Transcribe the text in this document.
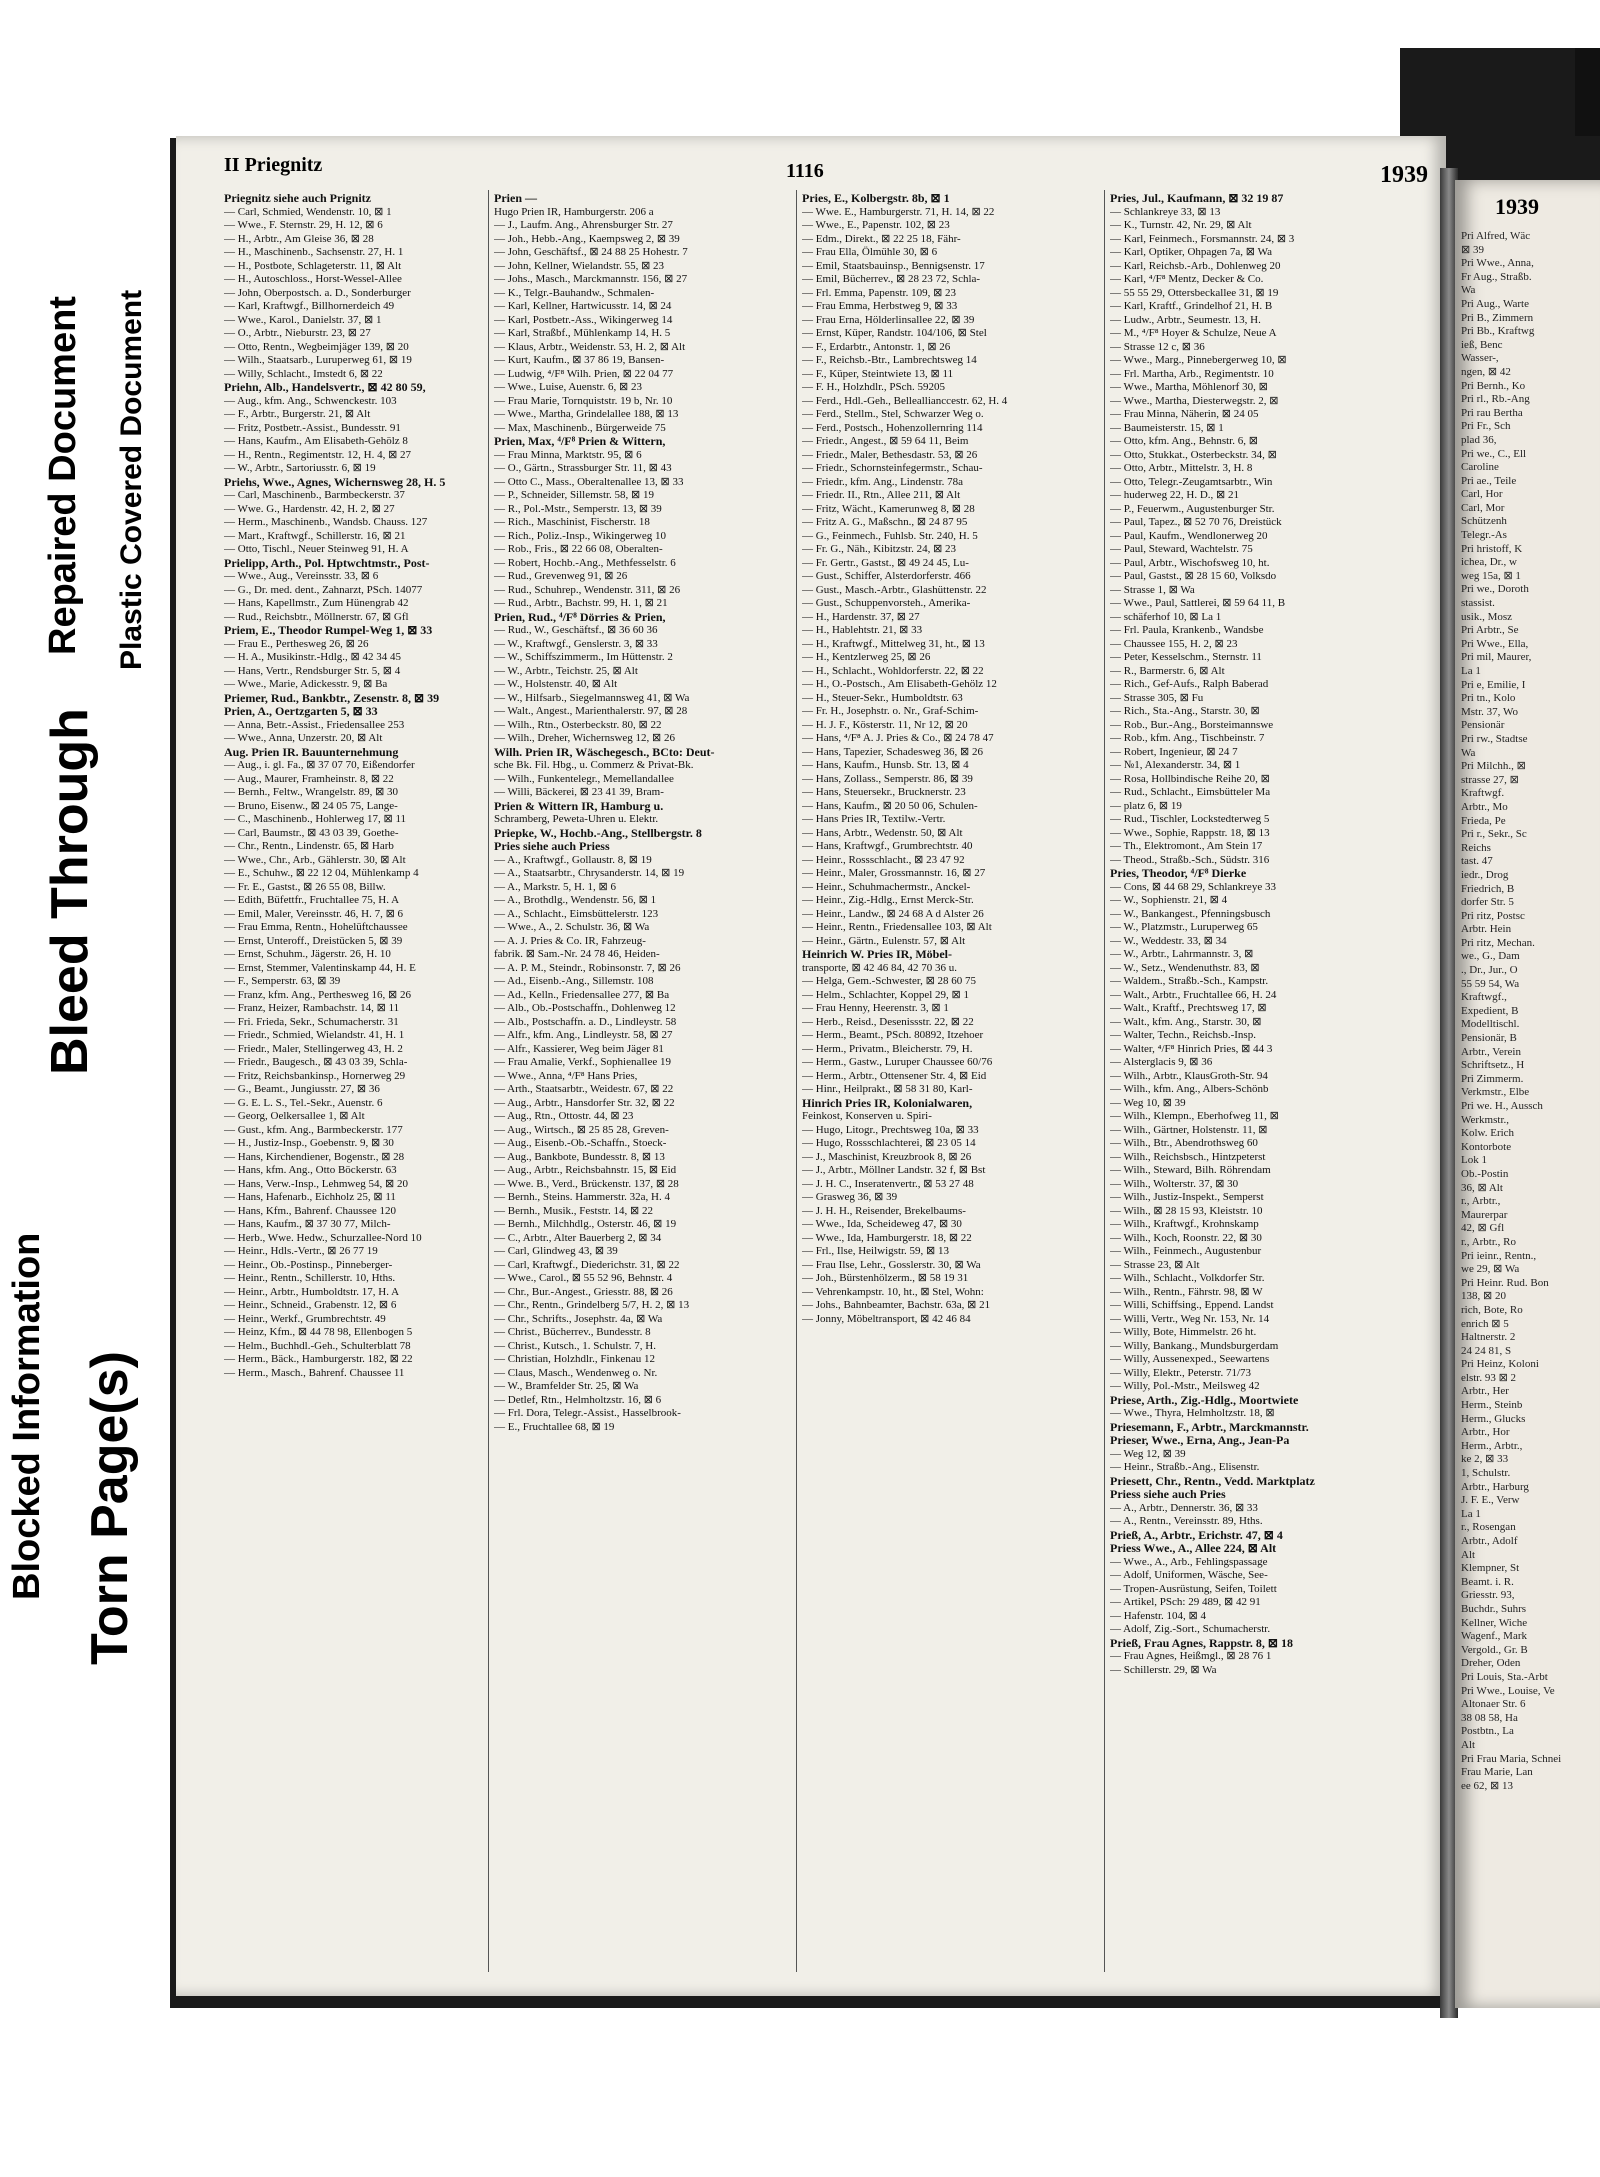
Blocked Information
Bleed Through
Repaired Document
Torn Page(s)
Plastic Covered Document
II Priegnitz	1116	1939
Priegnitz siehe auch Prignitz
— Carl, Schmied, Wendenstr. 10, ⊠ 1
— Wwe., F. Sternstr. 29, H. 12, ⊠ 6
— H., Arbtr., Am Gleise 36, ⊠ 28
— H., Maschinenb., Sachsenstr. 27, H. 1
— H., Postbote, Schlageterstr. 11, ⊠ Alt
— H., Autoschloss., Horst-Wessel-Allee
— John, Oberpostsch. a. D., Sonderburger
— Karl, Kraftwgf., Billhornerdeich 49
— Wwe., Karol., Danielstr. 37, ⊠ 1
— O., Arbtr., Nieburstr. 23, ⊠ 27
— Otto, Rentn., Wegbeimjäger 139, ⊠ 20
— Wilh., Staatsarb., Luruperweg 61, ⊠ 19
— Willy, Schlacht., Imstedt 6, ⊠ 22
Priehn, Alb., Handelsvertr., ⊠ 42 80 59,
— Aug., kfm. Ang., Schwenckestr. 103
— F., Arbtr., Burgerstr. 21, ⊠ Alt
— Fritz, Postbetr.-Assist., Bundesstr. 91
— Hans, Kaufm., Am Elisabeth-Gehölz 8
— H., Rentn., Regimentstr. 12, H. 4, ⊠ 27
— W., Arbtr., Sartoriusstr. 6, ⊠ 19
Priehs, Wwe., Agnes, Wichernsweg 28, H. 5
— Carl, Maschinenb., Barmbeckerstr. 37
— Wwe. G., Hardenstr. 42, H. 2, ⊠ 27
— Herm., Maschinenb., Wandsb. Chauss. 127
— Mart., Kraftwgf., Schillerstr. 16, ⊠ 21
— Otto, Tischl., Neuer Steinweg 91, H. A
Prielipp, Arth., Pol. Hptwchtmstr., Post-
— Wwe., Aug., Vereinsstr. 33, ⊠ 6
— G., Dr. med. dent., Zahnarzt, PSch. 14077
— Hans, Kapellmstr., Zum Hünengrab 42
— Rud., Reichsbtr., Möllnerstr. 67, ⊠ Gfl
Priem, E., Theodor Rumpel-Weg 1, ⊠ 33
— Frau E., Perthesweg 26, ⊠ 26
— H. A., Musikinstr.-Hdlg., ⊠ 42 34 45
— Hans, Vertr., Rendsburger Str. 5, ⊠ 4
— Wwe., Marie, Adickesstr. 9, ⊠ Ba
Priemer, Rud., Bankbtr., Zesenstr. 8, ⊠ 39
Prien, A., Oertzgarten 5, ⊠ 33
— Anna, Betr.-Assist., Friedensallee 253
— Wwe., Anna, Unzerstr. 20, ⊠ Alt
Aug. Prien IR. Bauunternehmung
— Aug., i. gl. Fa., ⊠ 37 07 70, Eißendorfer
— Aug., Maurer, Framheinstr. 8, ⊠ 22
— Bernh., Feltw., Wrangelstr. 89, ⊠ 30
— Bruno, Eisenw., ⊠ 24 05 75, Lange-
— C., Maschinenb., Hohlerweg 17, ⊠ 11
— Carl, Baumstr., ⊠ 43 03 39, Goethe-
— Chr., Rentn., Lindenstr. 65, ⊠ Harb
— Wwe., Chr., Arb., Gählerstr. 30, ⊠ Alt
— E., Schuhw., ⊠ 22 12 04, Mühlenkamp 4
— Fr. E., Gastst., ⊠ 26 55 08, Billw.
— Edith, Büfettfr., Fruchtallee 75, H. A
— Emil, Maler, Vereinsstr. 46, H. 7, ⊠ 6
— Frau Emma, Rentn., Hohelüftchaussee
— Ernst, Unteroff., Dreistücken 5, ⊠ 39
— Ernst, Schuhm., Jägerstr. 26, H. 10
— Ernst, Stemmer, Valentinskamp 44, H. E
— F., Semperstr. 63, ⊠ 39
— Franz, kfm. Ang., Perthesweg 16, ⊠ 26
— Franz, Heizer, Rambachstr. 14, ⊠ 11
— Fri. Frieda, Sekr., Schumacherstr. 31
— Friedr., Schmied, Wielandstr. 41, H. 1
— Friedr., Maler, Stellingerweg 43, H. 2
— Friedr., Baugesch., ⊠ 43 03 39, Schla-
— Fritz, Reichsbankinsp., Hornerweg 29
— G., Beamt., Jungiusstr. 27, ⊠ 36
— G. E. L. S., Tel.-Sekr., Auenstr. 6
— Georg, Oelkersallee 1, ⊠ Alt
— Gust., kfm. Ang., Barmbeckerstr. 177
— H., Justiz-Insp., Goebenstr. 9, ⊠ 30
— Hans, Kirchendiener, Bogenstr., ⊠ 28
— Hans, kfm. Ang., Otto Böckerstr. 63
— Hans, Verw.-Insp., Lehmweg 54, ⊠ 20
— Hans, Hafenarb., Eichholz 25, ⊠ 11
— Hans, Kfm., Bahrenf. Chaussee 120
— Hans, Kaufm., ⊠ 37 30 77, Milch-
— Herb., Wwe. Hedw., Schurzallee-Nord 10
— Heinr., Hdls.-Vertr., ⊠ 26 77 19
— Heinr., Ob.-Postinsp., Pinneberger-
— Heinr., Rentn., Schillerstr. 10, Hths.
— Heinr., Arbtr., Humboldtstr. 17, H. A
— Heinr., Schneid., Grabenstr. 12, ⊠ 6
— Heinr., Werkf., Grumbrechtstr. 49
— Heinz, Kfm., ⊠ 44 78 98, Ellenbogen 5
— Helm., Buchhdl.-Geh., Schulterblatt 78
— Herm., Bäck., Hamburgerstr. 182, ⊠ 22
— Herm., Masch., Bahrenf. Chaussee 11
Prien —
Hugo Prien IR, Hamburgerstr. 206 a
— J., Laufm. Ang., Ahrensburger Str. 27
— Joh., Hebb.-Ang., Kaempsweg 2, ⊠ 39
— John, Geschäftsf., ⊠ 24 88 25 Hohestr. 7
— John, Kellner, Wielandstr. 55, ⊠ 23
— Johs., Masch., Marckmannstr. 156, ⊠ 27
— K., Telgr.-Bauhandw., Schmalen-
— Karl, Kellner, Hartwicusstr. 14, ⊠ 24
— Karl, Postbetr.-Ass., Wikingerweg 14
— Karl, Straßbf., Mühlenkamp 14, H. 5
— Klaus, Arbtr., Weidenstr. 53, H. 2, ⊠ Alt
— Kurt, Kaufm., ⊠ 37 86 19, Bansen-
— Ludwig, ⁴/F⁸ Wilh. Prien, ⊠ 22 04 77
— Wwe., Luise, Auenstr. 6, ⊠ 23
— Frau Marie, Tornquiststr. 19 b, Nr. 10
— Wwe., Martha, Grindelallee 188, ⊠ 13
— Max, Maschinenb., Bürgerweide 75
Prien, Max, ⁴/F⁸ Prien & Wittern,
— Frau Minna, Marktstr. 95, ⊠ 6
— O., Gärtn., Strassburger Str. 11, ⊠ 43
— Otto C., Mass., Oberaltenallee 13, ⊠ 33
— P., Schneider, Sillemstr. 58, ⊠ 19
— R., Pol.-Mstr., Semperstr. 13, ⊠ 39
— Rich., Maschinist, Fischerstr. 18
— Rich., Poliz.-Insp., Wikingerweg 10
— Rob., Fris., ⊠ 22 66 08, Oberalten-
— Robert, Hochb.-Ang., Methfesselstr. 6
— Rud., Grevenweg 91, ⊠ 26
— Rud., Schuhrep., Wendenstr. 311, ⊠ 26
— Rud., Arbtr., Bachstr. 99, H. 1, ⊠ 21
Prien, Rud., ⁴/F⁸ Dörries & Prien,
— Rud., W., Geschäftsf., ⊠ 36 60 36
— W., Kraftwgf., Genslerstr. 3, ⊠ 33
— W., Schiffszimmerm., Im Hüttenstr. 2
— W., Arbtr., Teichstr. 25, ⊠ Alt
— W., Holstenstr. 40, ⊠ Alt
— W., Hilfsarb., Siegelmannsweg 41, ⊠ Wa
— Walt., Angest., Marienthalerstr. 97, ⊠ 28
— Wilh., Rtn., Osterbeckstr. 80, ⊠ 22
— Wilh., Dreher, Wichernsweg 12, ⊠ 26
Wilh. Prien IR, Wäschegesch., BCto: Deut-
sche Bk. Fil. Hbg., u. Commerz & Privat-Bk.
— Wilh., Funkentelegr., Memellandallee
— Willi, Bäckerei, ⊠ 23 41 39, Bram-
Prien & Wittern IR, Hamburg u.
Schramberg, Peweta-Uhren u. Elektr.
Priepke, W., Hochb.-Ang., Stellbergstr. 8
Pries siehe auch Priess
— A., Kraftwgf., Gollaustr. 8, ⊠ 19
— A., Staatsarbtr., Chrysanderstr. 14, ⊠ 19
— A., Markstr. 5, H. 1, ⊠ 6
— A., Brothdlg., Wendenstr. 56, ⊠ 1
— A., Schlacht., Eimsbüttelerstr. 123
— Wwe., A., 2. Schulstr. 36, ⊠ Wa
— A. J. Pries & Co. IR, Fahrzeug-
fabrik. ⊠ Sam.-Nr. 24 78 46, Heiden-
— A. P. M., Steindr., Robinsonstr. 7, ⊠ 26
— Ad., Eisenb.-Ang., Sillemstr. 108
— Ad., Kelln., Friedensallee 277, ⊠ Ba
— Alb., Ob.-Postschaffn., Dohlenweg 12
— Alb., Postschaffn. a. D., Lindleystr. 58
— Alfr., kfm. Ang., Lindleystr. 58, ⊠ 27
— Alfr., Kassierer, Weg beim Jäger 81
— Frau Amalie, Verkf., Sophienallee 19
— Wwe., Anna, ⁴/F⁸ Hans Pries,
— Arth., Staatsarbtr., Weidestr. 67, ⊠ 22
— Aug., Arbtr., Hansdorfer Str. 32, ⊠ 22
— Aug., Rtn., Ottostr. 44, ⊠ 23
— Aug., Wirtsch., ⊠ 25 85 28, Greven-
— Aug., Eisenb.-Ob.-Schaffn., Stoeck-
— Aug., Bankbote, Bundesstr. 8, ⊠ 13
— Aug., Arbtr., Reichsbahnstr. 15, ⊠ Eid
— Wwe. B., Verd., Brückenstr. 137, ⊠ 28
— Bernh., Steins. Hammerstr. 32a, H. 4
— Bernh., Musik., Feststr. 14, ⊠ 22
— Bernh., Milchhdlg., Osterstr. 46, ⊠ 19
— C., Arbtr., Alter Bauerberg 2, ⊠ 34
— Carl, Glindweg 43, ⊠ 39
— Carl, Kraftwgf., Diederichstr. 31, ⊠ 22
— Wwe., Carol., ⊠ 55 52 96, Behnstr. 4
— Chr., Bur.-Angest., Griesstr. 88, ⊠ 26
— Chr., Rentn., Grindelberg 5/7, H. 2, ⊠ 13
— Chr., Schrifts., Josephstr. 4a, ⊠ Wa
— Christ., Bücherrev., Bundesstr. 8
— Christ., Kutsch., 1. Schulstr. 7, H.
— Christian, Holzhdlr., Finkenau 12
— Claus, Masch., Wendenweg o. Nr.
— W., Bramfelder Str. 25, ⊠ Wa
— Detlef, Rtn., Helmholtzstr. 16, ⊠ 6
— Frl. Dora, Telegr.-Assist., Hasselbrook-
— E., Fruchtallee 68, ⊠ 19
Pries, E., Kolbergstr. 8b, ⊠ 1
— Wwe. E., Hamburgerstr. 71, H. 14, ⊠ 22
— Wwe., E., Papenstr. 102, ⊠ 23
— Edm., Direkt., ⊠ 22 25 18, Fähr-
— Frau Ella, Ölmühle 30, ⊠ 6
— Emil, Staatsbauinsp., Bennigsenstr. 17
— Emil, Bücherrev., ⊠ 28 23 72, Schla-
— Frl. Emma, Papenstr. 109, ⊠ 23
— Frau Emma, Herbstweg 9, ⊠ 33
— Frau Erna, Hölderlinsallee 22, ⊠ 39
— Ernst, Küper, Randstr. 104/106, ⊠ Stel
— F., Erdarbtr., Antonstr. 1, ⊠ 26
— F., Reichsb.-Btr., Lambrechtsweg 14
— F., Küper, Steintwiete 13, ⊠ 11
— F. H., Holzhdlr., PSch. 59205
— Ferd., Hdl.-Geh., Belleallianccestr. 62, H. 4
— Ferd., Stellm., Stel, Schwarzer Weg o.
— Ferd., Postsch., Hohenzollernring 114
— Friedr., Angest., ⊠ 59 64 11, Beim
— Friedr., Maler, Bethesdastr. 53, ⊠ 26
— Friedr., Schornsteinfegermstr., Schau-
— Friedr., kfm. Ang., Lindenstr. 78a
— Friedr. II., Rtn., Allee 211, ⊠ Alt
— Fritz, Wächt., Kamerunweg 8, ⊠ 28
— Fritz A. G., Maßschn., ⊠ 24 87 95
— G., Feinmech., Fuhlsb. Str. 240, H. 5
— Fr. G., Näh., Kibitzstr. 24, ⊠ 23
— Fr. Gertr., Gastst., ⊠ 49 24 45, Lu-
— Gust., Schiffer, Alsterdorferstr. 466
— Gust., Masch.-Arbtr., Glashüttenstr. 22
— Gust., Schuppenvorsteh., Amerika-
— H., Hardenstr. 37, ⊠ 27
— H., Hablehtstr. 21, ⊠ 33
— H., Kraftwgf., Mittelweg 31, ht., ⊠ 13
— H., Kentzlerweg 25, ⊠ 26
— H., Schlacht., Wohldorferstr. 22, ⊠ 22
— H., O.-Postsch., Am Elisabeth-Gehölz 12
— H., Steuer-Sekr., Humboldtstr. 63
— Fr. H., Josephstr. o. Nr., Graf-Schim-
— H. J. F., Kösterstr. 11, Nr 12, ⊠ 20
— Hans, ⁴/F⁸ A. J. Pries & Co., ⊠ 24 78 47
— Hans, Tapezier, Schadesweg 36, ⊠ 26
— Hans, Kaufm., Hunsb. Str. 13, ⊠ 4
— Hans, Zollass., Semperstr. 86, ⊠ 39
— Hans, Steuersekr., Brucknerstr. 23
— Hans, Kaufm., ⊠ 20 50 06, Schulen-
— Hans Pries IR, Textilw.-Vertr.
— Hans, Arbtr., Wedenstr. 50, ⊠ Alt
— Hans, Kraftwgf., Grumbrechtstr. 40
— Heinr., Rossschlacht., ⊠ 23 47 92
— Heinr., Maler, Grossmannstr. 16, ⊠ 27
— Heinr., Schuhmachermstr., Anckel-
— Heinr., Zig.-Hdlg., Ernst Merck-Str.
— Heinr., Landw., ⊠ 24 68 A d Alster 26
— Heinr., Rentn., Friedensallee 103, ⊠ Alt
— Heinr., Gärtn., Eulenstr. 57, ⊠ Alt
Heinrich W. Pries IR, Möbel-
transporte, ⊠ 42 46 84, 42 70 36 u.
— Helga, Gem.-Schwester, ⊠ 28 60 75
— Helm., Schlachter, Koppel 29, ⊠ 1
— Frau Henny, Heerenstr. 3, ⊠ 1
— Herb., Reisd., Desenissstr. 22, ⊠ 22
— Herm., Beamt., PSch. 80892, Itzehoer
— Herm., Privatm., Bleicherstr. 79, H.
— Herm., Gastw., Luruper Chaussee 60/76
— Herm., Arbtr., Ottensener Str. 4, ⊠ Eid
— Hinr., Heilprakt., ⊠ 58 31 80, Karl-
Hinrich Pries IR, Kolonialwaren,
Feinkost, Konserven u. Spiri-
— Hugo, Litogr., Prechtsweg 10a, ⊠ 33
— Hugo, Rossschlachterei, ⊠ 23 05 14
— J., Maschinist, Kreuzbrook 8, ⊠ 26
— J., Arbtr., Möllner Landstr. 32 f, ⊠ Bst
— J. H. C., Inseratenvertr., ⊠ 53 27 48
— Grasweg 36, ⊠ 39
— J. H. H., Reisender, Brekelbaums-
— Wwe., Ida, Scheideweg 47, ⊠ 30
— Wwe., Ida, Hamburgerstr. 18, ⊠ 22
— Frl., Ilse, Heilwigstr. 59, ⊠ 13
— Frau Ilse, Lehr., Gosslerstr. 30, ⊠ Wa
— Joh., Bürstenhölzerm., ⊠ 58 19 31
— Vehrenkampstr. 10, ht., ⊠ Stel, Wohn:
— Johs., Bahnbeamter, Bachstr. 63a, ⊠ 21
— Jonny, Möbeltransport, ⊠ 42 46 84
Pries, Jul., Kaufmann, ⊠ 32 19 87
— Schlankreye 33, ⊠ 13
— K., Turnstr. 42, Nr. 29, ⊠ Alt
— Karl, Feinmech., Forsmannstr. 24, ⊠ 3
— Karl, Optiker, Ohpagen 7a, ⊠ Wa
— Karl, Reichsb.-Arb., Dohlenweg 20
— Karl, ⁴/F⁸ Mentz, Decker & Co.
— 55 55 29, Ottersbeckallee 31, ⊠ 19
— Karl, Kraftf., Grindelhof 21, H. B
— Ludw., Arbtr., Seumestr. 13, H.
— M., ⁴/F⁸ Hoyer & Schulze, Neue A
— Strasse 12 c, ⊠ 36
— Wwe., Marg., Pinnebergerweg 10, ⊠
— Frl. Martha, Arb., Regimentstr. 10
— Wwe., Martha, Möhlenorf 30, ⊠
— Wwe., Martha, Diesterwegstr. 2, ⊠
— Frau Minna, Näherin, ⊠ 24 05
— Baumeisterstr. 15, ⊠ 1
— Otto, kfm. Ang., Behnstr. 6, ⊠
— Otto, Stukkat., Osterbeckstr. 34, ⊠
— Otto, Arbtr., Mittelstr. 3, H. 8
— Otto, Telegr.-Zeugamtsarbtr., Win
— huderweg 22, H. D., ⊠ 21
— P., Feuerwm., Augustenburger Str.
— Paul, Tapez., ⊠ 52 70 76, Dreistück
— Paul, Kaufm., Wendlonerweg 20
— Paul, Steward, Wachtelstr. 75
— Paul, Arbtr., Wischofsweg 10, ht.
— Paul, Gastst., ⊠ 28 15 60, Volksdo
— Strasse 1, ⊠ Wa
— Wwe., Paul, Sattlerei, ⊠ 59 64 11, B
— schäferhof 10, ⊠ La 1
— Frl. Paula, Krankenb., Wandsbe
— Chaussee 155, H. 2, ⊠ 23
— Peter, Kesselschm., Sternstr. 11
— R., Barmerstr. 6, ⊠ Alt
— Rich., Gef-Aufs., Ralph Baberad
— Strasse 305, ⊠ Fu
— Rich., Sta.-Ang., Starstr. 30, ⊠
— Rob., Bur.-Ang., Borsteimannswe
— Rob., kfm. Ang., Tischbeinstr. 7
— Robert, Ingenieur, ⊠ 24 7
— №1, Alexanderstr. 34, ⊠ 1
— Rosa, Hollbindische Reihe 20, ⊠
— Rud., Schlacht., Eimsbütteler Ma
— platz 6, ⊠ 19
— Rud., Tischler, Lockstedterweg 5
— Wwe., Sophie, Rappstr. 18, ⊠ 13
— Th., Elektromont., Am Stein 17
— Theod., Straßb.-Sch., Südstr. 316
Pries, Theodor, ⁴/F⁸ Dierke
— Cons, ⊠ 44 68 29, Schlankreye 33
— W., Sophienstr. 21, ⊠ 4
— W., Bankangest., Pfenningsbusch
— W., Platzmstr., Luruperweg 65
— W., Weddestr. 33, ⊠ 34
— W., Arbtr., Lahrmannstr. 3, ⊠
— W., Setz., Wendenuthstr. 83, ⊠
— Waldem., Straßb.-Sch., Kampstr.
— Walt., Arbtr., Fruchtallee 66, H. 24
— Walt., Kraftf., Prechtsweg 17, ⊠
— Walt., kfm. Ang., Starstr. 30, ⊠
— Walter, Techn., Reichsb.-Insp.
— Walter, ⁴/F⁸ Hinrich Pries, ⊠ 44 3
— Alsterglacis 9, ⊠ 36
— Wilh., Arbtr., KlausGroth-Str. 94
— Wilh., kfm. Ang., Albers-Schönb
— Weg 10, ⊠ 39
— Wilh., Klempn., Eberhofweg 11, ⊠
— Wilh., Gärtner, Holstenstr. 11, ⊠
— Wilh., Btr., Abendrothsweg 60
— Wilh., Reichsbsch., Hintzpeterst
— Wilh., Steward, Bilh. Röhrendam
— Wilh., Wolterstr. 37, ⊠ 30
— Wilh., Justiz-Inspekt., Semperst
— Wilh., ⊠ 28 15 93, Kleiststr. 10
— Wilh., Kraftwgf., Krohnskamp
— Wilh., Koch, Roonstr. 22, ⊠ 30
— Wilh., Feinmech., Augustenbur
— Strasse 23, ⊠ Alt
— Wilh., Schlacht., Volkdorfer Str.
— Wilh., Rentn., Fährstr. 98, ⊠ W
— Willi, Schiffsing., Eppend. Landst
— Willi, Vertr., Weg Nr. 153, Nr. 14
— Willy, Bote, Himmelstr. 26 ht.
— Willy, Bankang., Mundsburgerdam
— Willy, Aussenexped., Seewartens
— Willy, Elektr., Peterstr. 71/73
— Willy, Pol.-Mstr., Meilsweg 42
Priese, Arth., Zig.-Hdlg., Moortwiete
— Wwe., Thyra, Helmholtzstr. 18, ⊠
Priesemann, F., Arbtr., Marckmannstr.
Prieser, Wwe., Erna, Ang., Jean-Pa
— Weg 12, ⊠ 39
— Heinr., Straßb.-Ang., Elisenstr.
Priesett, Chr., Rentn., Vedd. Marktplatz
Priess siehe auch Pries
— A., Arbtr., Dennerstr. 36, ⊠ 33
— A., Rentn., Vereinsstr. 89, Hths.
Prieß, A., Arbtr., Erichstr. 47, ⊠ 4
Priess Wwe., A., Allee 224, ⊠ Alt
— Wwe., A., Arb., Fehlingspassage
— Adolf, Uniformen, Wäsche, See-
— Tropen-Ausrüstung, Seifen, Toilett
— Artikel, PSch: 29 489, ⊠ 42 91
— Hafenstr. 104, ⊠ 4
— Adolf, Zig.-Sort., Schumacherstr.
Prieß, Frau Agnes, Rappstr. 8, ⊠ 18
— Frau Agnes, Heißmgl., ⊠ 28 76 1
— Schillerstr. 29, ⊠ Wa
1939
Pri Alfred, Wäc
⊠ 39
Pri Wwe., Anna,
Fr Aug., Straßb.
Wa
Pri Aug., Warte
Pri B., Zimmern
Pri Bb., Kraftwg
ieß, Benc
Wasser-,
ngen, ⊠ 42
Pri Bernh., Ko
Pri rl., Rb.-Ang
Pri rau Bertha
Pri Fr., Sch
plad 36,
Pri we., C., Ell
Caroline
Pri ae., Teile
Carl, Hor
Carl, Mor
Schützenh
Telegr.-As
Pri hristoff, K
ichea, Dr., w
weg 15a, ⊠ 1
Pri we., Doroth
stassist.
usik., Mosz
Pri Arbtr., Se
Pri Wwe., Ella,
Pri mil, Maurer,
La 1
Pri e, Emilie, I
Pri tn., Kolo
Mstr. 37, Wo
Pensionär
Pri rw., Stadtse
Wa
Pri Milchh., ⊠
strasse 27, ⊠
Kraftwgf.
Arbtr., Mo
Frieda, Pe
Pri r., Sekr., Sc
Reichs
tast. 47
iedr., Drog
Friedrich, B
dorfer Str. 5
Pri ritz, Postsc
Arbtr. Hein
Pri ritz, Mechan.
we., G., Dam
., Dr., Jur., O
55 59 54, Wa
Kraftwgf.,
Expedient, B
Modelltischl.
Pensionär, B
Arbtr., Verein
Schriftsetz., H
Pri Zimmerm.
Verkmstr., Elbe
Pri we. H., Aussch
Werkmstr.,
Kolw. Erich
Kontorbote
Lok 1
Ob.-Postin
36, ⊠ Alt
r., Arbtr.,
Maurerpar
42, ⊠ Gfl
r., Arbtr., Ro
Pri ieinr., Rentn.,
we 29, ⊠ Wa
Pri Heinr. Rud. Bon
138, ⊠ 20
rich, Bote, Ro
enrich ⊠ 5
Haltnerstr. 2
24 24 81, S
Pri Heinz, Koloni
elstr. 93 ⊠ 2
Arbtr., Her
Herm., Steinb
Herm., Glucks
Arbtr., Hor
Herm., Arbtr.,
ke 2, ⊠ 33
1, Schulstr.
Arbtr., Harburg
J. F. E., Verw
La 1
r., Rosengan
Arbtr., Adolf
Alt
Klempner, St
Beamt. i. R.
Griesstr. 93,
Buchdr., Suhrs
Kellner, Wiche
Wagenf., Mark
Vergold., Gr. B
Dreher, Oden
Pri Louis, Sta.-Arbt
Pri Wwe., Louise, Ve
Altonaer Str. 6
38 08 58, Ha
Postbtn., La
Alt
Pri Frau Maria, Schnei
Frau Marie, Lan
ee 62, ⊠ 13
